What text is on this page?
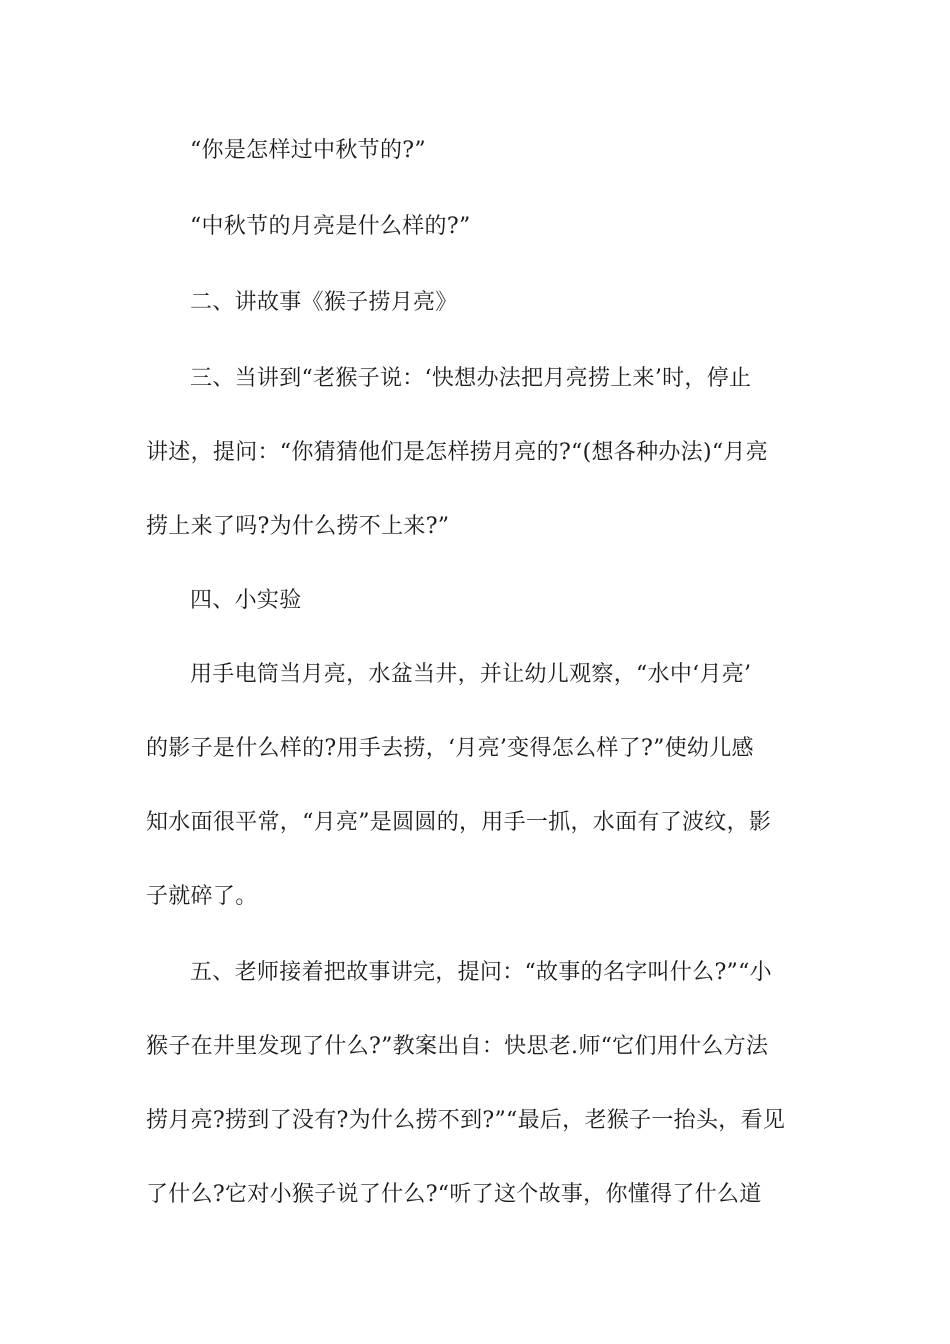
“你是怎样过中秋节的?”
“中秋节的月亮是什么样的?”
二、讲故事《猴子捞月亮》
三、当讲到“老猴子说：‘快想办法把月亮捞上来’时，停止
讲述，提问：“你猜猜他们是怎样捞月亮的?“(想各种办法)“月亮
捞上来了吗?为什么捞不上来?”
四、小实验
用手电筒当月亮，水盆当井，并让幼儿观察，“水中‘月亮’
的影子是什么样的?用手去捞，‘月亮’变得怎么样了?”使幼儿感
知水面很平常，“月亮”是圆圆的，用手一抓，水面有了波纹，影
子就碎了。
五、老师接着把故事讲完，提问：“故事的名字叫什么?”“小
猴子在井里发现了什么?”教案出自：快思老.师“它们用什么方法
捞月亮?捞到了没有?为什么捞不到?”“最后，老猴子一抬头，看见
了什么?它对小猴子说了什么?“听了这个故事，你懂得了什么道
